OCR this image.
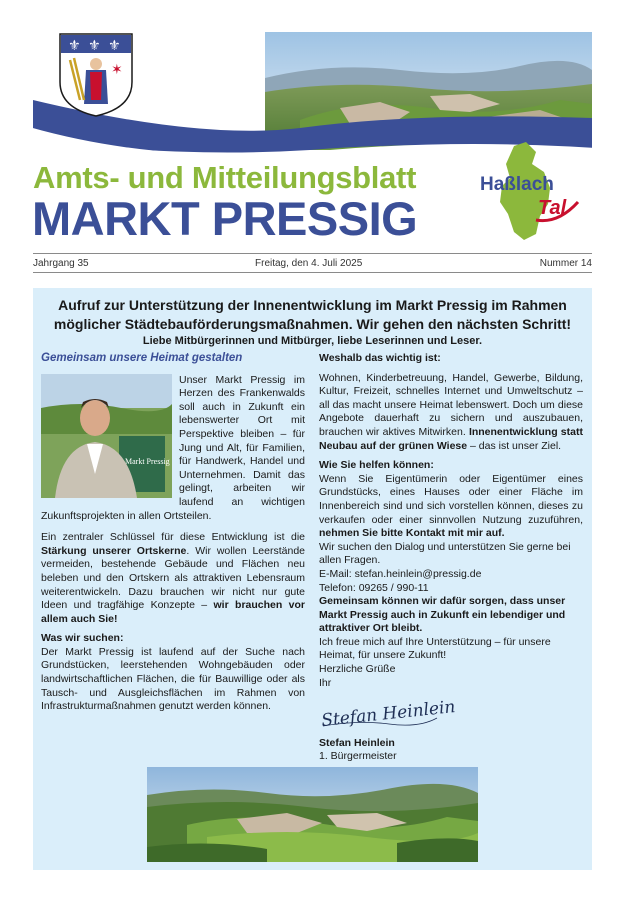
⚜ ⚜ ⚜
✶
Amts- und Mitteilungsblatt
MARKT PRESSIG
Haßlach
Tal
Jahrgang 35	Freitag, den 4. Juli 2025	Nummer 14
Aufruf zur Unterstützung der Innenentwicklung im Markt Pressig im Rahmen möglicher Städtebauförderungsmaßnahmen. Wir gehen den nächsten Schritt!
Liebe Mitbürgerinnen und Mitbürger, liebe Leserinnen und Leser.
Gemeinsam unsere Heimat gestalten
Markt Pressig
Unser Markt Pressig im Herzen des Frankenwalds soll auch in Zukunft ein lebenswerter Ort mit Perspektive bleiben – für Jung und Alt, für Familien, für Handwerk, Handel und Unternehmen. Damit das gelingt, arbeiten wir laufend an wichtigen Zukunftsprojekten in allen Ortsteilen.
Ein zentraler Schlüssel für diese Entwicklung ist die Stärkung unserer Ortskerne. Wir wollen Leerstände vermeiden, bestehende Gebäude und Flächen neu beleben und den Ortskern als attraktiven Lebensraum weiterentwickeln. Dazu brauchen wir nicht nur gute Ideen und tragfähige Konzepte – wir brauchen vor allem auch Sie!
Was wir suchen:
Der Markt Pressig ist laufend auf der Suche nach Grundstücken, leerstehenden Wohngebäuden oder landwirtschaftlichen Flächen, die für Bauwillige oder als Tausch- und Ausgleichsflächen im Rahmen von Infrastrukturmaßnahmen genutzt werden können.
Weshalb das wichtig ist:
Wohnen, Kinderbetreuung, Handel, Gewerbe, Bildung, Kultur, Freizeit, schnelles Internet und Umweltschutz – all das macht unsere Heimat lebenswert. Doch um diese Angebote dauerhaft zu sichern und auszubauen, brauchen wir aktives Mitwirken. Innenentwicklung statt Neubau auf der grünen Wiese – das ist unser Ziel.
Wie Sie helfen können:
Wenn Sie Eigentümerin oder Eigentümer eines Grundstücks, eines Hauses oder einer Fläche im Innenbereich sind und sich vorstellen können, dieses zu verkaufen oder einer sinnvollen Nutzung zuzuführen, nehmen Sie bitte Kontakt mit mir auf.
Wir suchen den Dialog und unterstützen Sie gerne bei allen Fragen.
E-Mail: stefan.heinlein@pressig.de
Telefon: 09265 / 990-11
Gemeinsam können wir dafür sorgen, dass unser Markt Pressig auch in Zukunft ein lebendiger und attraktiver Ort bleibt.
Ich freue mich auf Ihre Unterstützung – für unsere Heimat, für unsere Zukunft!
Herzliche Grüße
Ihr
Stefan Heinlein
Stefan Heinlein
1. Bürgermeister
